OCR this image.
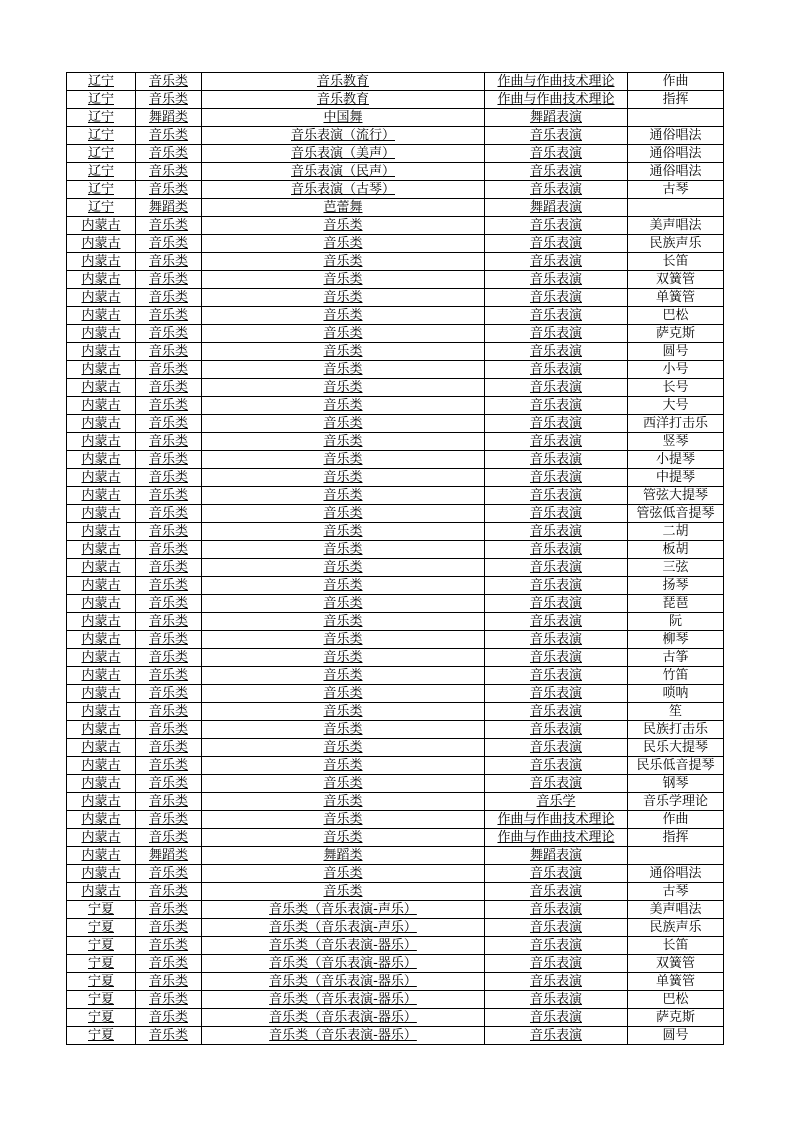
辽宁	音乐类	音乐教育	作曲与作曲技术理论	作曲
辽宁	音乐类	音乐教育	作曲与作曲技术理论	指挥
辽宁	舞蹈类	中国舞	舞蹈表演	
辽宁	音乐类	音乐表演（流行）	音乐表演	通俗唱法
辽宁	音乐类	音乐表演（美声）	音乐表演	通俗唱法
辽宁	音乐类	音乐表演（民声）	音乐表演	通俗唱法
辽宁	音乐类	音乐表演（古琴）	音乐表演	古琴
辽宁	舞蹈类	芭蕾舞	舞蹈表演	
内蒙古	音乐类	音乐类	音乐表演	美声唱法
内蒙古	音乐类	音乐类	音乐表演	民族声乐
内蒙古	音乐类	音乐类	音乐表演	长笛
内蒙古	音乐类	音乐类	音乐表演	双簧管
内蒙古	音乐类	音乐类	音乐表演	单簧管
内蒙古	音乐类	音乐类	音乐表演	巴松
内蒙古	音乐类	音乐类	音乐表演	萨克斯
内蒙古	音乐类	音乐类	音乐表演	圆号
内蒙古	音乐类	音乐类	音乐表演	小号
内蒙古	音乐类	音乐类	音乐表演	长号
内蒙古	音乐类	音乐类	音乐表演	大号
内蒙古	音乐类	音乐类	音乐表演	西洋打击乐
内蒙古	音乐类	音乐类	音乐表演	竖琴
内蒙古	音乐类	音乐类	音乐表演	小提琴
内蒙古	音乐类	音乐类	音乐表演	中提琴
内蒙古	音乐类	音乐类	音乐表演	管弦大提琴
内蒙古	音乐类	音乐类	音乐表演	管弦低音提琴
内蒙古	音乐类	音乐类	音乐表演	二胡
内蒙古	音乐类	音乐类	音乐表演	板胡
内蒙古	音乐类	音乐类	音乐表演	三弦
内蒙古	音乐类	音乐类	音乐表演	扬琴
内蒙古	音乐类	音乐类	音乐表演	琵琶
内蒙古	音乐类	音乐类	音乐表演	阮
内蒙古	音乐类	音乐类	音乐表演	柳琴
内蒙古	音乐类	音乐类	音乐表演	古筝
内蒙古	音乐类	音乐类	音乐表演	竹笛
内蒙古	音乐类	音乐类	音乐表演	唢呐
内蒙古	音乐类	音乐类	音乐表演	笙
内蒙古	音乐类	音乐类	音乐表演	民族打击乐
内蒙古	音乐类	音乐类	音乐表演	民乐大提琴
内蒙古	音乐类	音乐类	音乐表演	民乐低音提琴
内蒙古	音乐类	音乐类	音乐表演	钢琴
内蒙古	音乐类	音乐类	音乐学	音乐学理论
内蒙古	音乐类	音乐类	作曲与作曲技术理论	作曲
内蒙古	音乐类	音乐类	作曲与作曲技术理论	指挥
内蒙古	舞蹈类	舞蹈类	舞蹈表演	
内蒙古	音乐类	音乐类	音乐表演	通俗唱法
内蒙古	音乐类	音乐类	音乐表演	古琴
宁夏	音乐类	音乐类（音乐表演-声乐）	音乐表演	美声唱法
宁夏	音乐类	音乐类（音乐表演-声乐）	音乐表演	民族声乐
宁夏	音乐类	音乐类（音乐表演-器乐）	音乐表演	长笛
宁夏	音乐类	音乐类（音乐表演-器乐）	音乐表演	双簧管
宁夏	音乐类	音乐类（音乐表演-器乐）	音乐表演	单簧管
宁夏	音乐类	音乐类（音乐表演-器乐）	音乐表演	巴松
宁夏	音乐类	音乐类（音乐表演-器乐）	音乐表演	萨克斯
宁夏	音乐类	音乐类（音乐表演-器乐）	音乐表演	圆号
